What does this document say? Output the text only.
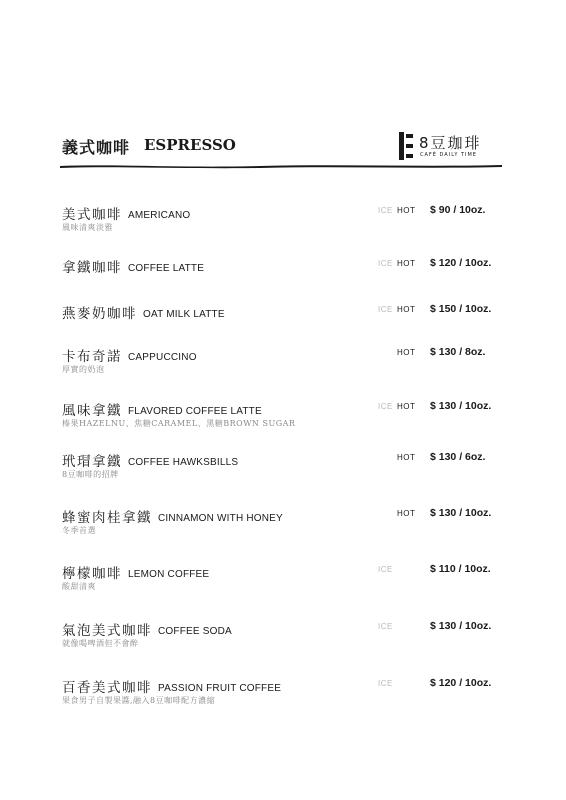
義式咖啡 ESPRESSO	8豆珈琲
CAFÉ DAILY TIME
美式咖啡 AMERICANO
風味清爽淡雅
ICE HOT $ 90 / 10oz.
拿鐵咖啡 COFFEE LATTE	ICE HOT $ 120 / 10oz.
燕麥奶咖啡 OAT MILK LATTE	ICE HOT $ 150 / 10oz.
卡布奇諾 CAPPUCCINO
厚實的奶泡
HOT $ 130 / 8oz.
風味拿鐵 FLAVORED COFFEE LATTE
榛果HAZELNU、焦糖CARAMEL、黑糖BROWN SUGAR
ICE HOT $ 130 / 10oz.
玳瑁拿鐵 COFFEE HAWKSBILLS
8豆咖啡的招牌
HOT $ 130 / 6oz.
蜂蜜肉桂拿鐵 CINNAMON WITH HONEY
冬季首選
HOT $ 130 / 10oz.
檸檬咖啡 LEMON COFFEE
酸甜清爽
ICE	$ 110 / 10oz.
氣泡美式咖啡 COFFEE SODA
就像喝啤酒但不會醉
ICE	$ 130 / 10oz.
百香美式咖啡 PASSION FRUIT COFFEE
果食男子自製果醬,融入8豆咖啡配方濃縮
ICE	$ 120 / 10oz.
